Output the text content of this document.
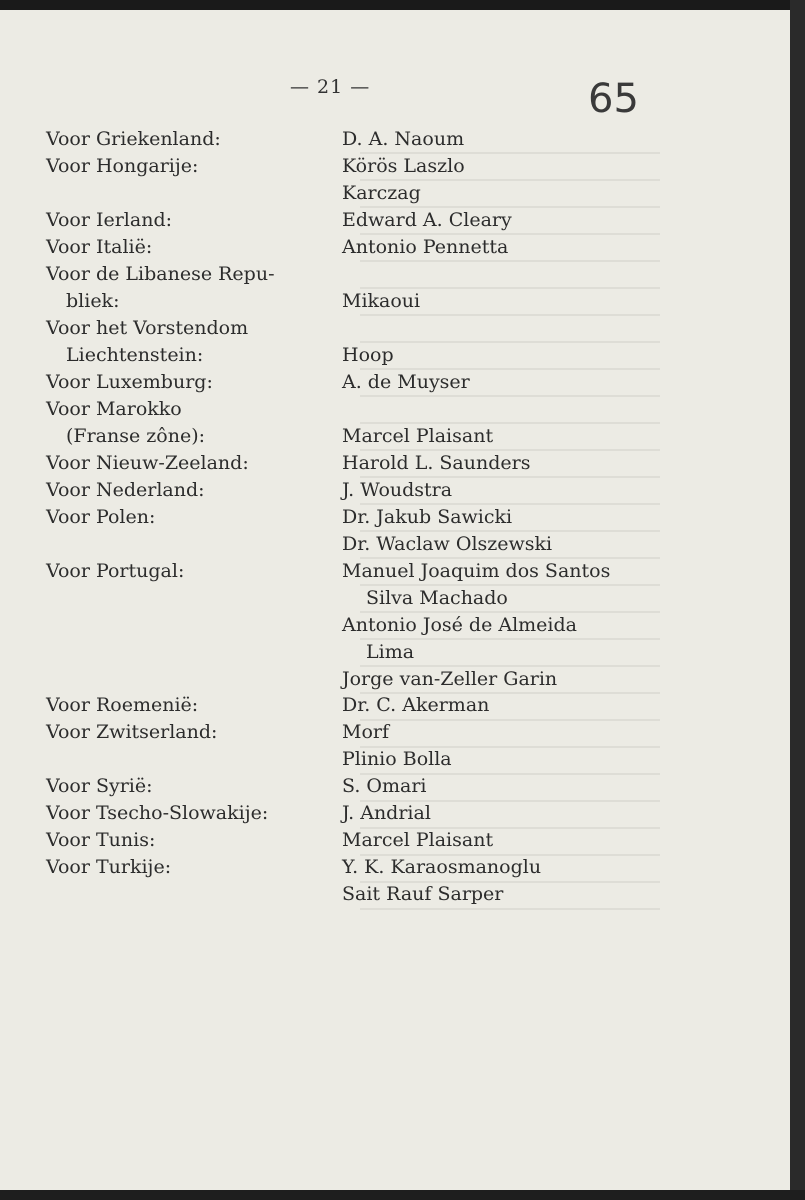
— 21 —	65
Voor Griekenland:
Voor Hongarije:
Voor Ierland:
Voor Italië:
Voor de Libanese Repu-
bliek:
Voor het Vorstendom
Liechtenstein:
Voor Luxemburg:
Voor Marokko
(Franse zône):
Voor Nieuw-Zeeland:
Voor Nederland:
Voor Polen:
Voor Portugal:
Voor Roemenië:
Voor Zwitserland:
Voor Syrië:
Voor Tsecho-Slowakije:
Voor Tunis:
Voor Turkije:
D. A. Naoum
Körös Laszlo
Karczag
Edward A. Cleary
Antonio Pennetta
Mikaoui
Hoop
A. de Muyser
Marcel Plaisant
Harold L. Saunders
J. Woudstra
Dr. Jakub Sawicki
Dr. Waclaw Olszewski
Manuel Joaquim dos Santos
Silva Machado
Antonio José de Almeida
Lima
Jorge van-Zeller Garin
Dr. C. Akerman
Morf
Plinio Bolla
S. Omari
J. Andrial
Marcel Plaisant
Y. K. Karaosmanoglu
Sait Rauf Sarper
